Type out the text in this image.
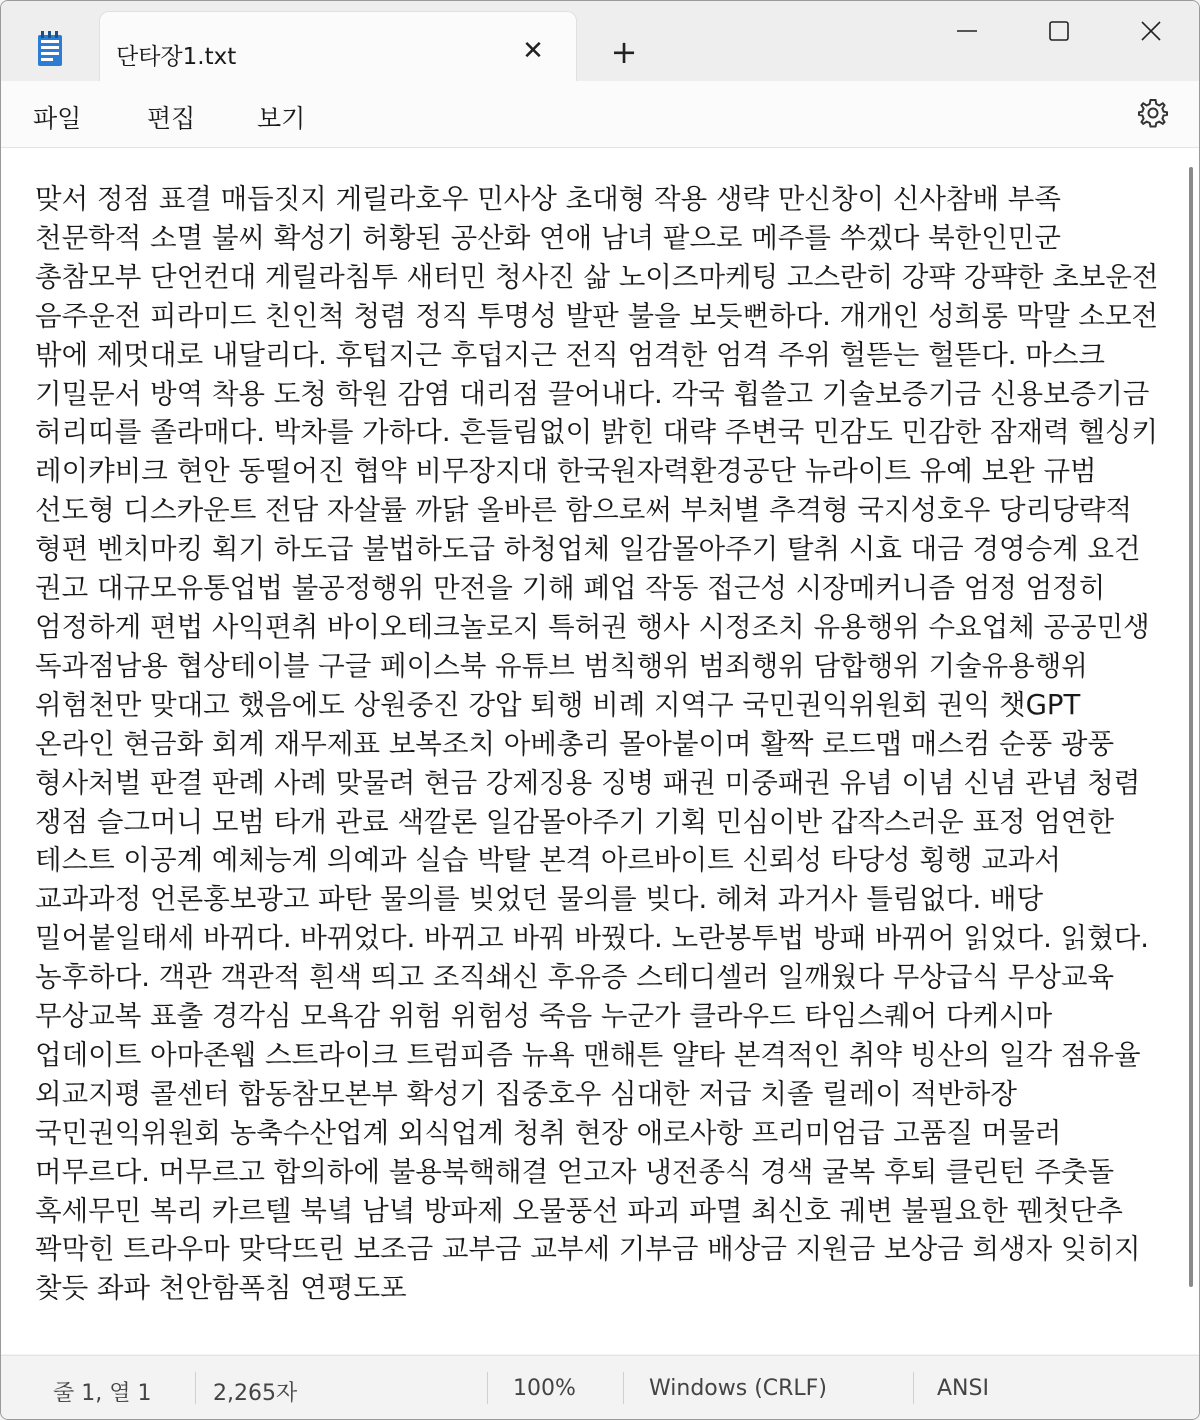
단타장1.txt	✕ +
파일	편집 보기
맞서 정점 표결 매듭짓지 게릴라호우 민사상 초대형 작용 생략 만신창이 신사참배 부족 천문학적 소멸 불씨 확성기 허황된 공산화 연애 남녀 팥으로 메주를 쑤겠다 북한인민군 총참모부 단언컨대 게릴라침투 새터민 청사진 삶 노이즈마케팅 고스란히 강퍅 강퍅한 초보운전 음주운전 피라미드 친인척 청렴 정직 투명성 발판 불을 보듯뻔하다. 개개인 성희롱 막말 소모전 밖에 제멋대로 내달리다. 후텁지근 후덥지근 전직 엄격한 엄격 주위 헐뜯는 헐뜯다. 마스크 기밀문서 방역 착용 도청 학원 감염 대리점 끌어내다. 각국 휩쓸고 기술보증기금 신용보증기금 허리띠를 졸라매다. 박차를 가하다. 흔들림없이 밝힌 대략 주변국 민감도 민감한 잠재력 헬싱키 레이캬비크 현안 동떨어진 협약 비무장지대 한국원자력환경공단 뉴라이트 유예 보완 규범 선도형 디스카운트 전담 자살률 까닭 올바른 함으로써 부처별 추격형 국지성호우 당리당략적 형편 벤치마킹 획기 하도급 불법하도급 하청업체 일감몰아주기 탈취 시효 대금 경영승계 요건 권고 대규모유통업법 불공정행위 만전을 기해 폐업 작동 접근성 시장메커니즘 엄정 엄정히 엄정하게 편법 사익편취 바이오테크놀로지 특허권 행사 시정조치 유용행위 수요업체 공공민생 독과점남용 협상테이블 구글 페이스북 유튜브 범칙행위 범죄행위 담합행위 기술유용행위 위험천만 맞대고 했음에도 상원중진 강압 퇴행 비례 지역구 국민권익위원회 권익 챗GPT 온라인 현금화 회계 재무제표 보복조치 아베총리 몰아붙이며 활짝 로드맵 매스컴 순풍 광풍 형사처벌 판결 판례 사례 맞물려 현금 강제징용 징병 패권 미중패권 유념 이념 신념 관념 청렴 쟁점 슬그머니 모범 타개 관료 색깔론 일감몰아주기 기획 민심이반 갑작스러운 표정 엄연한 테스트 이공계 예체능계 의예과 실습 박탈 본격 아르바이트 신뢰성 타당성 횡행 교과서 교과과정 언론홍보광고 파탄 물의를 빚었던 물의를 빚다. 헤쳐 과거사 틀림없다. 배당 밀어붙일태세 바뀌다. 바뀌었다. 바뀌고 바꿔 바꿨다. 노란봉투법 방패 바뀌어 읽었다. 읽혔다. 농후하다. 객관 객관적 흰색 띄고 조직쇄신 후유증 스테디셀러 일깨웠다 무상급식 무상교육 무상교복 표출 경각심 모욕감 위험 위험성 죽음 누군가 클라우드 타임스퀘어 다케시마 업데이트 아마존웹 스트라이크 트럼피즘 뉴욕 맨해튼 얄타 본격적인 취약 빙산의 일각 점유율 외교지평 콜센터 합동참모본부 확성기 집중호우 심대한 저급 치졸 릴레이 적반하장 국민권익위원회 농축수산업계 외식업계 청취 현장 애로사항 프리미엄급 고품질 머물러 머무르다. 머무르고 합의하에 불용북핵해결 얻고자 냉전종식 경색 굴복 후퇴 클린턴 주춧돌 혹세무민 복리 카르텔 북녘 남녘 방파제 오물풍선 파괴 파멸 최신호 궤변 불필요한 꿴첫단추 꽉막힌 트라우마 맞닥뜨린 보조금 교부금 교부세 기부금 배상금 지원금 보상금 희생자 잊히지 찾듯 좌파 천안함폭침 연평도포
줄 1, 열 1	2,265자	100%	Windows (CRLF)	ANSI
